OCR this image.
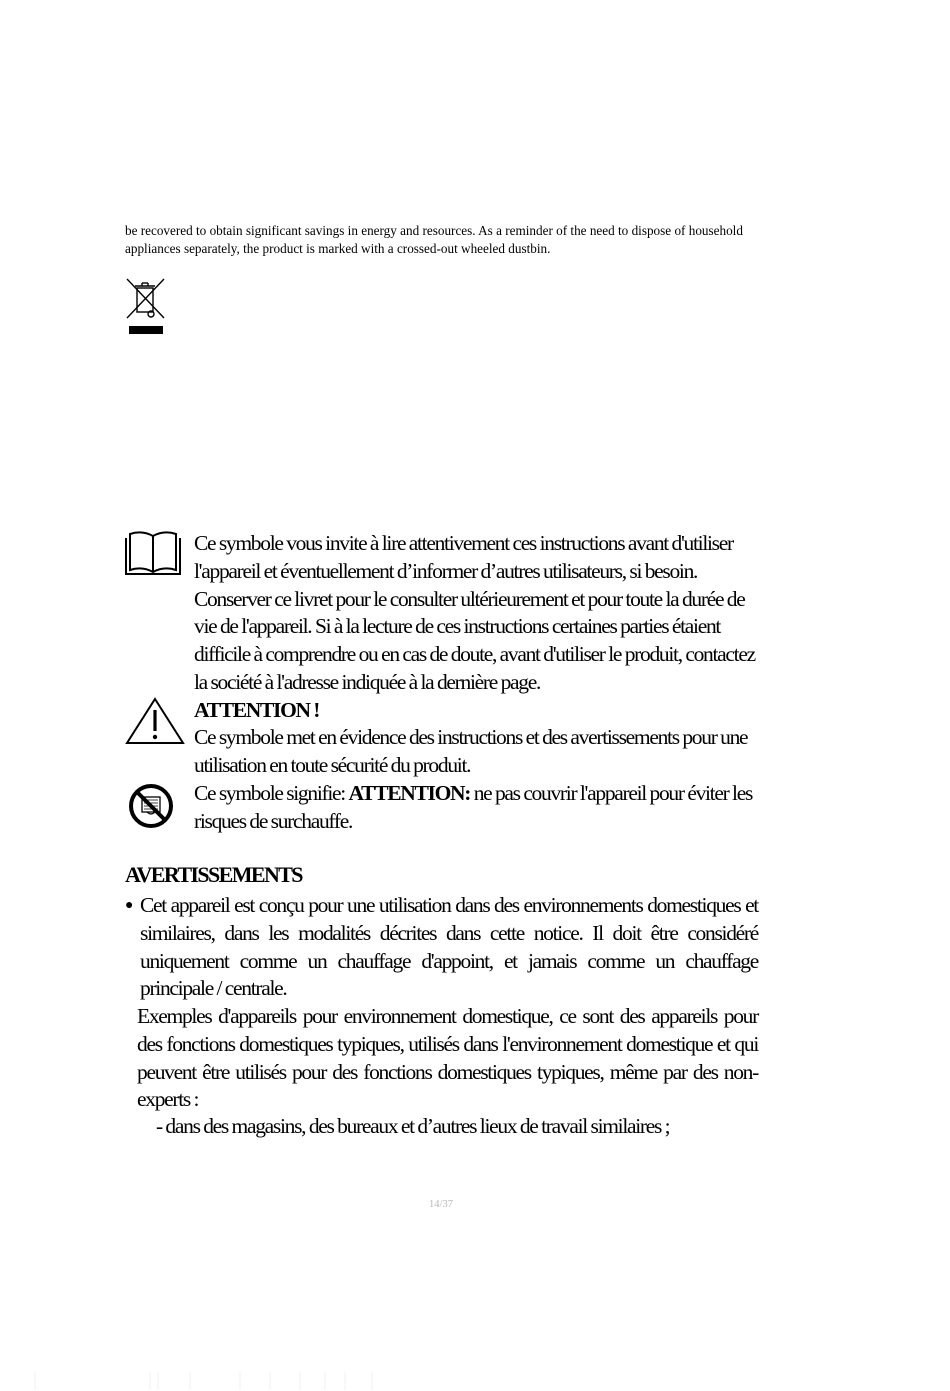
be recovered to obtain significant savings in energy and resources. As a reminder of the need to dispose of household appliances separately, the product is marked with a crossed-out wheeled dustbin.
Ce symbole vous invite à lire attentivement ces instructions avant d'utiliser l'appareil et éventuellement d’informer d’autres utilisateurs, si besoin. Conserver ce livret pour le consulter ultérieurement et pour toute la durée de vie de l'appareil. Si à la lecture de ces instructions certaines parties étaient difficile à comprendre ou en cas de doute, avant d'utiliser le produit, contactez la société à l'adresse indiquée à la dernière page.
ATTENTION !
Ce symbole met en évidence des instructions et des avertissements pour une utilisation en toute sécurité du produit.
Ce symbole signifie: ATTENTION: ne pas couvrir l'appareil pour éviter les risques de surchauffe.
AVERTISSEMENTS
● Cet appareil est conçu pour une utilisation dans des environnements domestiques et similaires, dans les modalités décrites dans cette notice. Il doit être considéré uniquement comme un chauffage d'appoint, et jamais comme un chauffage principale / centrale.
Exemples d'appareils pour environnement domestique, ce sont des appareils pour des fonctions domestiques typiques, utilisés dans l'environnement domestique et qui peuvent être utilisés pour des fonctions domestiques typiques, même par des non-experts :
- dans des magasins, des bureaux et d’autres lieux de travail similaires ;
14/37
